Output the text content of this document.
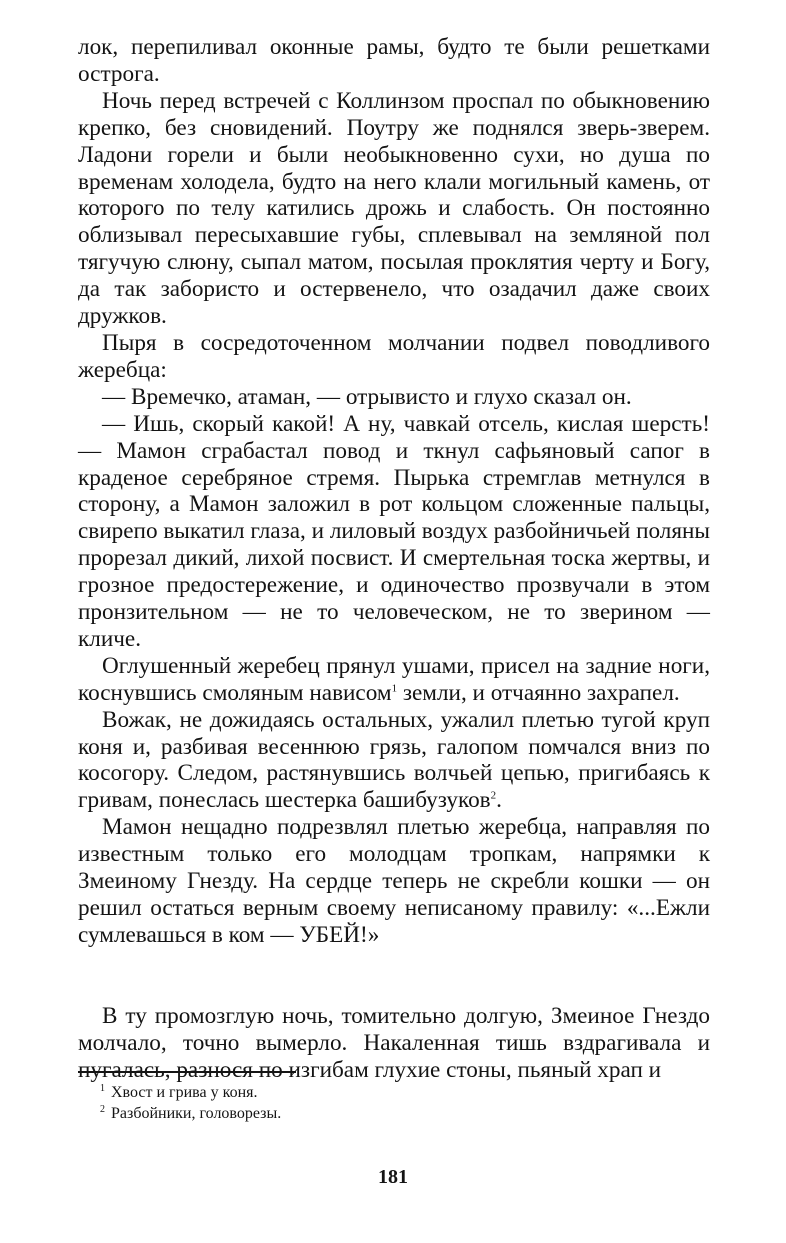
лок, перепиливал оконные рамы, будто те были решетками острога.

Ночь перед встречей с Коллинзом проспал по обыкновению крепко, без сновидений. Поутру же поднялся зверь-зверем. Ладони горели и были необыкновенно сухи, но душа по временам холодела, будто на него клали могильный камень, от которого по телу катились дрожь и слабость. Он постоянно облизывал пересыхавшие губы, сплевывал на земляной пол тягучую слюну, сыпал матом, посылая проклятия черту и Богу, да так забористо и остервенело, что озадачил даже своих дружков.

Пыря в сосредоточенном молчании подвел поводливого жеребца:

— Времечко, атаман, — отрывисто и глухо сказал он.

— Ишь, скорый какой! А ну, чавкай отсель, кислая шерсть! — Мамон сграбастал повод и ткнул сафьяновый сапог в краденое серебряное стремя. Пырька стремглав метнулся в сторону, а Мамон заложил в рот кольцом сложенные пальцы, свирепо выкатил глаза, и лиловый воздух разбойничьей поляны прорезал дикий, лихой посвист. И смертельная тоска жертвы, и грозное предостережение, и одиночество прозвучали в этом пронзительном — не то человеческом, не то зверином — кличе.

Оглушенный жеребец прянул ушами, присел на задние ноги, коснувшись смоляным нависом$^1$ земли, и отчаянно захрапел.

Вожак, не дожидаясь остальных, ужалил плетью тугой круп коня и, разбивая весеннюю грязь, галопом помчался вниз по косогору. Следом, растянувшись волчьей цепью, пригибаясь к гривам, понеслась шестерка башибузуков$^2$.

Мамон нещадно подрезвлял плетью жеребца, направляя по известным только его молодцам тропкам, напрямки к Змеиному Гнезду. На сердце теперь не скребли кошки — он решил остаться верным своему неписаному правилу: «...Ежли сумлевашься в ком — УБЕЙ!»

В ту промозглую ночь, томительно долгую, Змеиное Гнездо молчало, точно вымерло. Накаленная тишь вздрагивала и пугалась, разнося по изгибам глухие стоны, пьяный храп и

$^1$ Хвост и грива у коня.
$^2$ Разбойники, головорезы.
181
